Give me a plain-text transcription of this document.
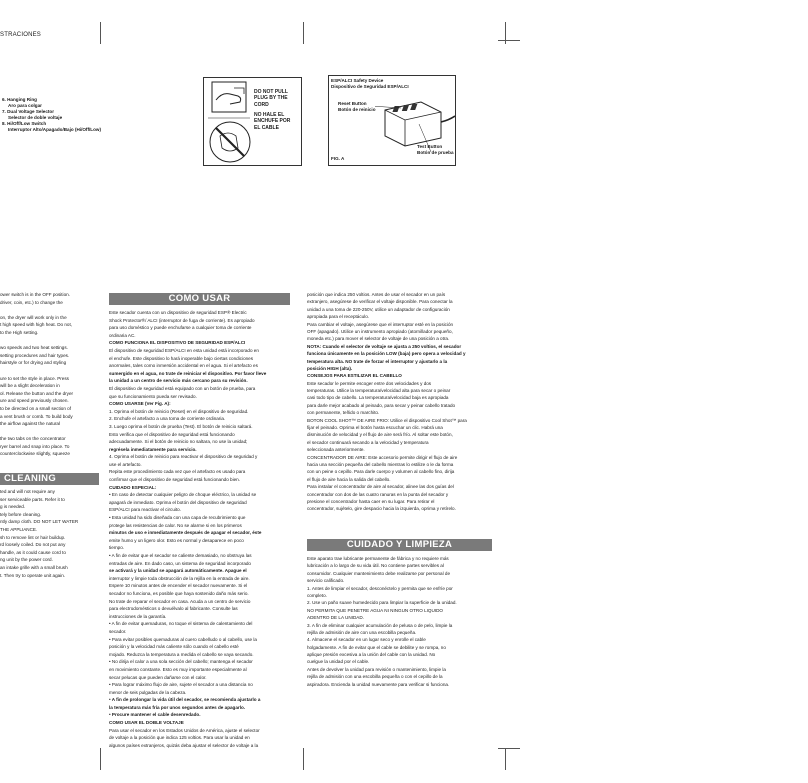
STRACIONES
6. Hanging Ring
Aro para colgar
7. Dual Voltage Selector
Selector de doble voltaje
8. Hi/Off/Low Switch
Interruptor Alto/Apagado/Bajo (Hi/Off/Low)
DO NOT PULL
PLUG BY THE
CORD
NO HALE EL
ENCHUFE POR
EL CABLE
ESP/ALCI Safety Device
Dispositivo de Seguridad ESP/ALCI
Reset Button
Botón de reinicio
Test Button
Botón de prueba
FIG. A
ower switch is in the OFF position.
driver, coin, etc.) to change the
on, the dryer will work only in the
t high speed with high heat. Do not,
to the High setting.
wo speeds and two heat settings.
setting procedures and hair types.
hairstyle or for drying and styling
ure to set the style in place. Press
will be a slight deceleration in
ol. Release the button and the dryer
ure and speed previously chosen.
to be directed on a small section of
a vent brush or comb. To build body
the airflow against the natural
the two tabs on the concentrator
ryer barrel and snap into place. To
counterclockwise slightly, squeeze
CLEANING
ted and will not require any
ser serviceable parts. Refer it to
g is needed.
tely before cleaning.
ntly damp cloth. DO NOT LET WATER
THE APPLIANCE.
sh to remove lint or hair buildup.
rd loosely coiled. Do not put any
handle, as it could cause cord to
ng unit by the power cord.
an intake grille with a small brush
t. Then try to operate unit again.
COMO USAR
Este secador cuenta con un dispositivo de seguridad ESP® Electric
Shock Protector®/ ALCI (interruptor de fuga de corriente). Es apropiado
para uso doméstico y puede enchufarse a cualquier toma de corriente
ordinaria AC.
COMO FUNCIONA EL DISPOSITIVO DE SEGURIDAD ESP/ALCI
El dispositivo de seguridad ESP/ALCI en esta unidad está incorporado en
el enchufe. Este dispositivo lo hará inoperable bajo ciertas condiciones
anormales, tales como inmersión accidental en el agua. Si el artefacto es
sumergido en el agua, no trate de reiniciar el dispositivo. Por favor lleve
la unidad a un centro de servicio más cercano para su revisión.
El dispositivo de seguridad está equipado con un botón de prueba, para
que su funcionamiento pueda ser revisado.
COMO USARSE (Ver Fig. A):
1. Oprima el botón de reinicio (Reset) en el dispositivo de seguridad.
2. Enchufe el artefacto a una toma de corriente ordinaria.
3. Luego oprima el botón de prueba (Test). El botón de reinicio saltará.
Esto verifica que el dispositivo de seguridad está funcionando
adecuadamente. Si el botón de reinicio no saltara, no use la unidad;
regrésela inmediatamente para servicio.
4. Oprima el botón de reinicio para reactivar el dispositivo de seguridad y
use el artefacto.
Repita este procedimiento cada vez que el artefacto es usado para
confirmar que el dispositivo de seguridad está funcionando bien.
CUIDADO ESPECIAL:
• En caso de detectar cualquier peligro de choque eléctrico, la unidad se
apagará de inmediato. Oprima el botón del dispositivo de seguridad
ESP/ALCI para reactivar el circuito.
• Esta unidad ha sido diseñada con una capa de recubrimiento que
protege las resistencias de calor. No se alarme si en los primeros
minutos de uso e inmediatamente después de apagar el secador, éste
emite humo y un ligero olor. Esto es normal y desaparece en poco
tiempo.
• A fin de evitar que el secador se caliente demasiado, no obstruya las
entradas de aire. En dado caso, un sistema de seguridad incorporado
se activará y la unidad se apagará automáticamente. Apague el
interruptor y limpie toda obstrucción de la rejilla en la entrada de aire.
Espere 10 minutos antes de encender el secador nuevamente. Si el
secador no funciona, es posible que haya sostenido daño más serio.
No trate de reparar el secador en casa. Acuda a un centro de servicio
para electrodomésticos o devuélvalo al fabricante. Consulte las
instrucciones de la garantía.
• A fin de evitar quemaduras, no toque el sistema de calentamiento del
secador.
• Para evitar posibles quemaduras al cuero cabelludo o al cabello, use la
posición y la velocidad más caliente sólo cuando el cabello esté
mojado. Reduzca la temperatura a medida el cabello se vaya secando.
• No dirija el calor a una sola sección del cabello; mantenga el secador
en movimiento constante. Esto es muy importante especialmente al
secar pelucas que pueden dañarse con el calor.
• Para lograr máximo flujo de aire, sujete el secador a una distancia no
menor de seis pulgadas de la cabeza.
• A fin de prolongar la vida útil del secador, se recomienda ajustarlo a
la temperatura más fría por unos segundos antes de apagarlo.
• Procure mantener el cable desenredado.
COMO USAR EL DOBLE VOLTAJE
Para usar el secador en los Estados Unidos de América, ajuste el selector
de voltaje a la posición que indica 125 voltios. Para usar la unidad en
algunos países extranjeros, quizás deba ajustar el selector de voltaje a la
posición que indica 250 voltios. Antes de usar el secador en un país
extranjero, asegúrese de verificar el voltaje disponible. Para conectar la
unidad a una toma de 220-250V, utilice un adaptador de configuración
apropiada para el receptáculo.
Para cambiar el voltaje, asegúrese que el interruptor esté en la posición
OFF (apagado). Utilice un instrumento apropiado (atornillador pequeño,
moneda etc.) para mover el selector de voltaje de una posición a otra.
NOTA: Cuando el selector de voltaje se ajusta a 250 voltios, el secador
funciona únicamente en la posición LOW (baja) pero opera a velocidad y
temperatura alta. NO trate de forzar el interruptor y ajustarlo a la
posición HIGH (alta).
CONSEJOS PARA ESTILIZAR EL CABELLO
Este secador le permite escoger entre dos velocidades y dos
temperaturas. Utilice la temperatura/velocidad alta para secar o peinar
casi todo tipo de cabello. La temperatura/velocidad baja es apropiada
para darle mejor acabado al peinado, para secar y peinar cabello tratado
con permanente, teñido o marchito.
BOTON COOL SHOT™ DE AIRE FRIO: Utilice el dispositivo Cool Shot™ para
fijar el peinado. Oprima el botón hasta escuchar un clic. Habrá una
disminución de velocidad y el flujo de aire será frío. Al soltar este botón,
el secador continuará secando a la velocidad y temperatura
seleccionada anteriormente.
CONCENTRADOR DE AIRE: Este accesorio permite dirigir el flujo de aire
hacia una sección pequeña del cabello mientras lo estilize o le da forma
con un peine o cepillo. Para darle cuerpo y volumen al cabello fino, dirija
el flujo de aire hacia la salida del cabello.
Para instalar el concentrador de aire al secador, alinee las dos guías del
concentrador con dos de las cuatro ranuras en la punta del secador y
presione el concentrador hasta caer en su lugar. Para retirar el
concentrador, sujételo, gire despacio hacia la izquierda, oprima y retírelo.
CUIDADO Y LIMPIEZA
Este aparato trae lubricante permanente de fábrica y no requiere más
lubricación a lo largo de su vida útil. No contiene partes servibles al
consumidor. Cualquier mantenimiento debe realizarse por personal de
servicio calificado.
1. Antes de limpiar el secador, desconéctelo y permita que se enfríe por
completo.
2. Use un paño suave humedecido para limpiar la superficie de la unidad.
NO PERMITA QUE PENETRE AGUA NI NINGUN OTRO LIQUIDO
ADENTRO DE LA UNIDAD.
3. A fin de eliminar cualquier acumulación de pelusa o de pelo, limpie la
rejilla de admisión de aire con una escobilla pequeña.
4. Almacene el secador en un lugar seco y enrolle el cable
holgadamente. A fin de evitar que el cable se debilite y se rompa, no
aplique presión excesiva a la unión del cable con la unidad. No
cuelgue la unidad por el cable.
Antes de devolver la unidad para revisión o mantenimiento, limpie la
rejilla de admisión con una escobilla pequeña o con el cepillo de la
aspiradora. Encienda la unidad nuevamente para verificar si funciona.
